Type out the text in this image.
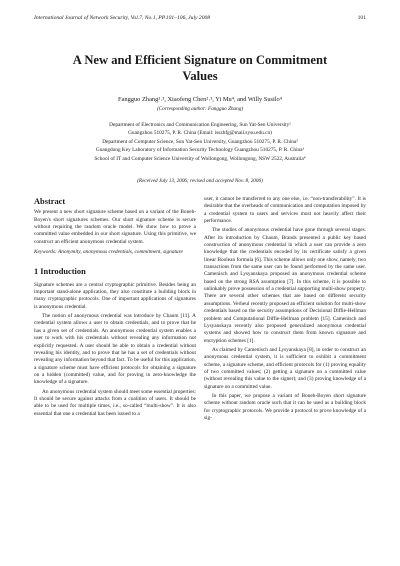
International Journal of Network Security, Vol.7, No.1, PP.101–106, July 2008	101
A New and Efficient Signature on Commitment
Values
Fangguo Zhang¹˒³, Xiaofeng Chen²˒³, Yi Mu⁴, and Willy Susilo⁴
(Corresponding author: Fangguo Zhang)
Department of Electronics and Communication Engineering, Sun Yat-Sen University¹
Guangzhou 510275, P. R. China (Email: isszhfg@mail.sysu.edu.cn)
Department of Computer Science, Sun Yat-Sen University, Guangzhou 510275, P. R. China²
Guangdong Key Laboratory of Information Security Technology Guangzhou 510275, P. R. China³
School of IT and Computer Science University of Wollongong, Wollongong, NSW 2522, Australia⁴
(Received July 13, 2006; revised and accepted Nov. 8, 2006)
Abstract

We present a new short signature scheme based on a variant of the Boneh-Boyen's short signatures schemes. Our short signature scheme is secure without requiring the random oracle model. We show how to prove a committed value embedded in our short signature. Using this primitive, we construct an efficient anonymous credential system.

Keywords: Anonymity, anonymous credentials, commitment, signature

1 Introduction

Signature schemes are a central cryptographic primitive. Besides being an important stand-alone application, they also constitute a building block in many cryptographic protocols. One of important applications of signatures is anonymous credential.

The notion of anonymous credential was introduce by Chaum [11]. A credential system allows a user to obtain credentials, and to prove that he has a given set of credentials. An anonymous credential system enables a user to work with his credentials without revealing any information not explicitly requested. A user should be able to obtain a credential without revealing his identity, and to prove that he has a set of credentials without revealing any information beyond that fact. To be useful for this application, a signature scheme must have efficient protocols for obtaining a signature on a hidden (committed) value, and for proving in zero-knowledge the knowledge of a signature.

An anonymous credential system should meet some essential properties: It should be secure against attacks from a coalition of users. It should be able to be used for multiple times, i.e., so-called “multi-show”. It is also essential that one a credential has been issued to a

user, it cannot be transferred to any one else, i.e. “non-transferability”. It is desirable that the overheads of communication and computation imposed by a credential system to users and services must not heavily affect their performance.

The studies of anonymous credential have gone through several stages. After its introduction by Chaum, Brands presented a public key based construction of anonymous credential in which a user can provide a zero knowledge that the credentials encoded by its certificate satisfy a given linear Boolean formula [6]. This scheme allows only one show, namely, two transactions from the same user can be found performed by the same user. Camenisch and Lysyanskaya proposed an anonymous credential scheme based on the strong RSA assumption [7]. In this scheme, it is possible to unlinkably prove possession of a credential supporting multi-show property. There are several other schemes that are based on different security assumptions. Verheul recently proposed an efficient solution for multi-show credentials based on the security assumptions of Decisional Diffie-Hellman problem and Computational Diffie-Hellman problem [15]. Camenisch and Lysyanskaya recently also proposed generalized anonymous credential systems and showed how to construct them from known signature and encryption schemes [1].

As claimed by Camenisch and Lysyanskaya [8], in order to construct an anonymous credential system, it is sufficient to exhibit a commitment scheme, a signature scheme, and efficient protocols for (1) proving equality of two committed values; (2) getting a signature on a committed value (without revealing this value to the signer); and (3) proving knowledge of a signature on a committed value.

In this paper, we propose a variant of Boneh-Boyen short signature scheme without random oracle such that it can be used as a building block for cryptographic protocols. We provide a protocol to prove knowledge of a sig-
